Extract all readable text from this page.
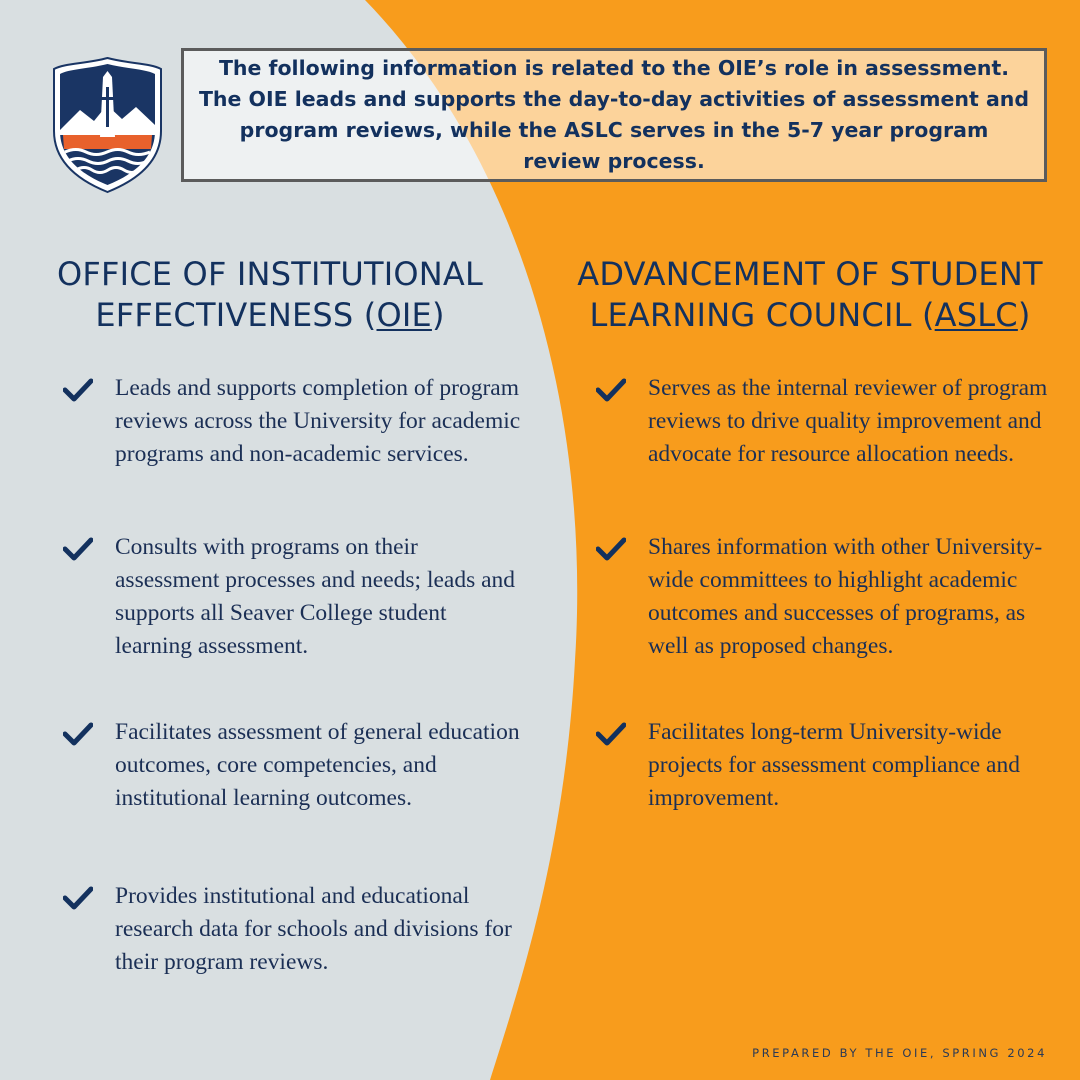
The following information is related to the OIE’s role in assessment. The OIE leads and supports the day-to-day activities of assessment and program reviews, while the ASLC serves in the 5-7 year program review process.

OFFICE OF INSTITUTIONAL
EFFECTIVENESS (OIE)
ADVANCEMENT OF STUDENT
LEARNING COUNCIL (ASLC)

Leads and supports completion of program reviews across the University for academic programs and non-academic services.

Consults with programs on their assessment processes and needs; leads and supports all Seaver College student learning assessment.

Facilitates assessment of general education outcomes, core competencies, and institutional learning outcomes.

Provides institutional and educational research data for schools and divisions for their program reviews.

Serves as the internal reviewer of program reviews to drive quality improvement and advocate for resource allocation needs.

Shares information with other University-wide committees to highlight academic outcomes and successes of programs, as well as proposed changes.

Facilitates long-term University-wide projects for assessment compliance and improvement.

PREPARED BY THE OIE, SPRING 2024
